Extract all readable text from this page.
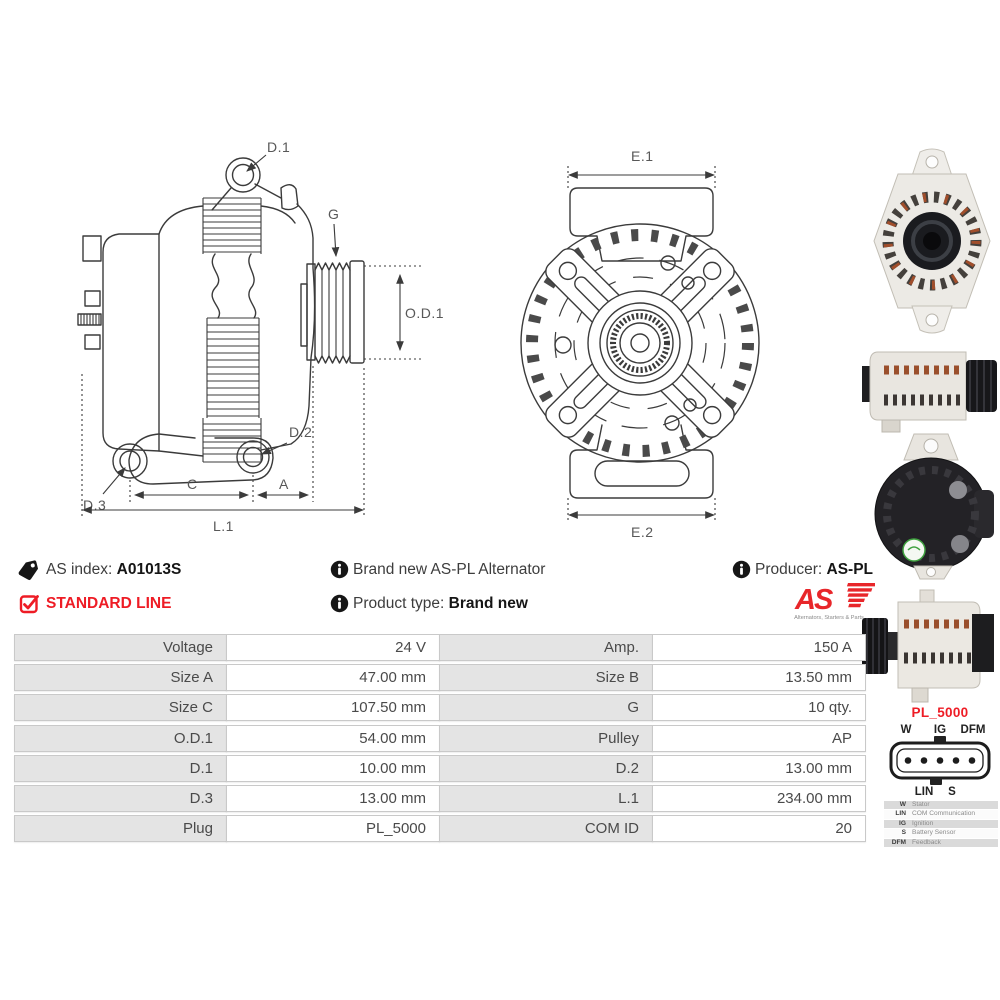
G
O.D.1
D.1
D.3
D.2
C	A
L.1
E.1
E.2
AS index: A01013S	Brand new AS-PL Alternator	Producer: AS-PL
STANDARD LINE	Product type: Brand new	AS
Alternators, Starters & Parts
Voltage	24 V	Amp.	150 A
Size A	47.00 mm	Size B	13.50 mm
Size C	107.50 mm	G	10 qty.
O.D.1	54.00 mm	Pulley	AP
D.1	10.00 mm	D.2	13.00 mm
D.3	13.00 mm	L.1	234.00 mm
Plug	PL_5000	COM ID	20
PL_5000
W IG DFM
LIN S
W Stator
LIN COM Communication
IG Ignition
S Battery Sensor
DFM Feedback
